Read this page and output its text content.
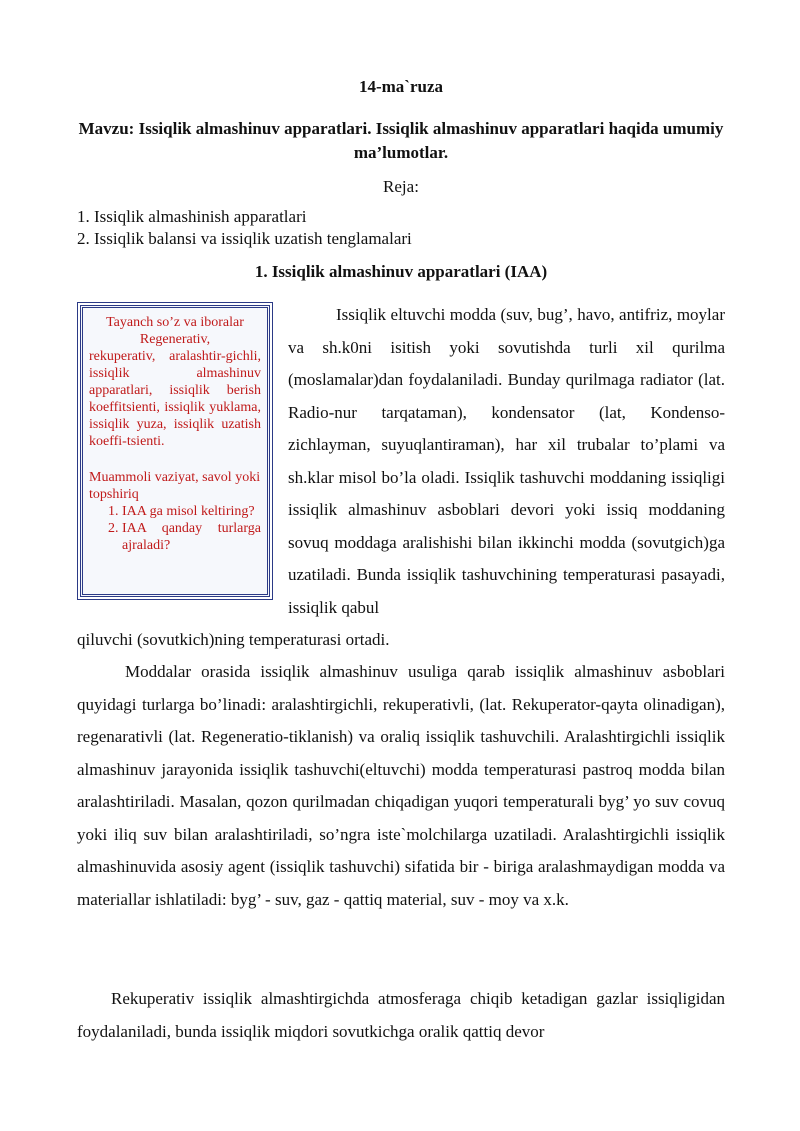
14-ma`ruza
Mavzu: Issiqlik almashinuv apparatlari. Issiqlik almashinuv apparatlari haqida umumiy ma’lumotlar.
Reja:
1. Issiqlik almashinish apparatlari
2. Issiqlik balansi va issiqlik uzatish tenglamalari
1. Issiqlik almashinuv apparatlari (IAA)
Tayanch so’z va iboralar
Regenerativ,
rekuperativ, aralashtir-gichli, issiqlik almashinuv apparatlari, issiqlik berish koeffitsienti, issiqlik yuklama, issiqlik yuza, issiqlik uzatish koeffi-tsienti.
Muammoli vaziyat, savol yoki topshiriq
1. IAA ga misol keltiring?
2. IAA qanday turlarga ajraladi?
Issiqlik eltuvchi modda (suv, bug’, havo, antifriz, moylar va sh.k0ni isitish yoki sovutishda turli xil qurilma (moslamalar)dan foydalaniladi. Bunday qurilmaga radiator (lat. Radio-nur tarqataman), kondensator (lat, Kondenso-zichlayman, suyuqlantiraman), har xil trubalar to’plami va sh.klar misol bo’la oladi. Issiqlik tashuvchi moddaning issiqligi issiqlik almashinuv asboblari devori yoki issiq moddaning sovuq moddaga aralishishi bilan ikkinchi modda (sovutgich)ga uzatiladi. Bunda issiqlik tashuvchining temperaturasi pasayadi, issiqlik qabul
qiluvchi (sovutkich)ning temperaturasi ortadi.
Moddalar orasida issiqlik almashinuv usuliga qarab issiqlik almashinuv asboblari quyidagi turlarga bo’linadi: aralashtirgichli, rekuperativli, (lat. Rekuperator-qayta olinadigan), regenarativli (lat. Regeneratio-tiklanish) va oraliq issiqlik tashuvchili. Aralashtirgichli issiqlik almashinuv jarayonida issiqlik tashuvchi(eltuvchi) modda temperaturasi pastroq modda bilan aralashtiriladi. Masalan, qozon qurilmadan chiqadigan yuqori temperaturali byg’ yo suv covuq yoki iliq suv bilan aralashtiriladi, so’ngra iste`molchilarga uzatiladi. Aralashtirgichli issiqlik almashinuvida asosiy agent (issiqlik tashuvchi) sifatida bir - biriga aralashmaydigan modda va materiallar ishlatiladi: byg’ - suv, gaz - qattiq material, suv - moy va x.k.
Rekuperativ issiqlik almashtirgichda atmosferaga chiqib ketadigan gazlar issiqligidan foydalaniladi, bunda issiqlik miqdori sovutkichga oralik qattiq devor
